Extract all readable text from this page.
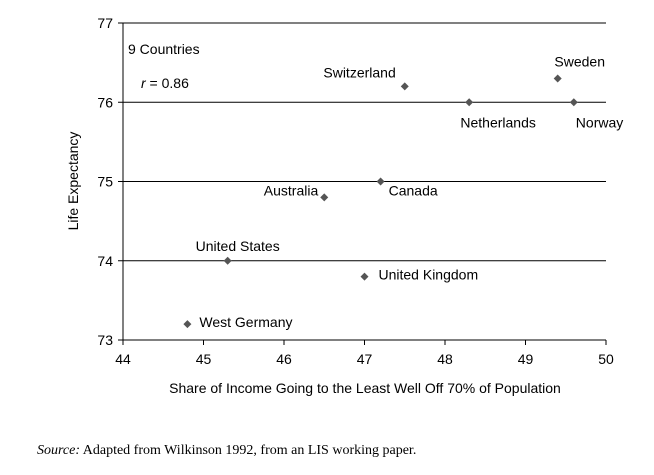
73
74
75
76
77
44	45	46	47	48	49	50
Switzerland
Sweden
Netherlands	Norway
Australia	Canada
United States
United Kingdom
West Germany
9 Countries
r = 0.86
Share of Income Going to the Least Well Off 70% of Population
Life Expectancy
Source: Adapted from Wilkinson 1992, from an LIS working paper.
